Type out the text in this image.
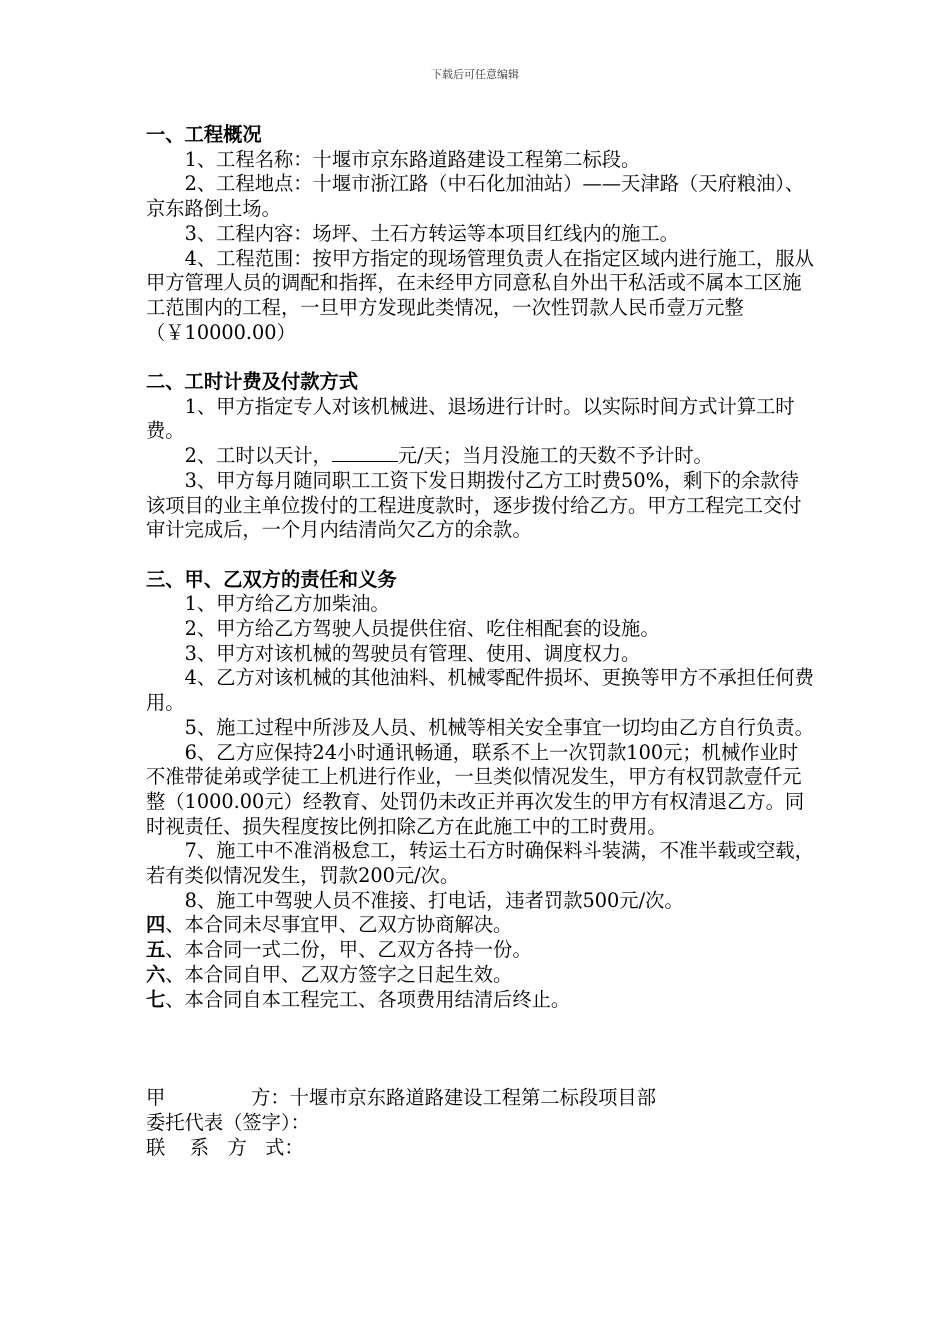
下载后可任意编辑

一、工程概况

1、工程名称：十堰市京东路道路建设工程第二标段。

2、工程地点：十堰市浙江路（中石化加油站）——天津路（天府粮油）、京东路倒土场。

3、工程内容：场坪、土石方转运等本项目红线内的施工。

4、工程范围：按甲方指定的现场管理负责人在指定区域内进行施工，服从甲方管理人员的调配和指挥，在未经甲方同意私自外出干私活或不属本工区施工范围内的工程，一旦甲方发现此类情况，一次性罚款人民币壹万元整（￥10000.00）

二、工时计费及付款方式

1、甲方指定专人对该机械进、退场进行计时。以实际时间方式计算工时费。

2、工时以天计，	元/天；当月没施工的天数不予计时。

3、甲方每月随同职工工资下发日期拨付乙方工时费50%，剩下的余款待该项目的业主单位拨付的工程进度款时，逐步拨付给乙方。甲方工程完工交付审计完成后，一个月内结清尚欠乙方的余款。

三、甲、乙双方的责任和义务

1、甲方给乙方加柴油。

2、甲方给乙方驾驶人员提供住宿、吃住相配套的设施。

3、甲方对该机械的驾驶员有管理、使用、调度权力。

4、乙方对该机械的其他油料、机械零配件损坏、更换等甲方不承担任何费用。

5、施工过程中所涉及人员、机械等相关安全事宜一切均由乙方自行负责。

6、乙方应保持24小时通讯畅通，联系不上一次罚款100元；机械作业时不准带徒弟或学徒工上机进行作业，一旦类似情况发生，甲方有权罚款壹仟元整（1000.00元）经教育、处罚仍未改正并再次发生的甲方有权清退乙方。同时视责任、损失程度按比例扣除乙方在此施工中的工时费用。

7、施工中不准消极怠工，转运土石方时确保料斗装满，不准半载或空载，若有类似情况发生，罚款200元/次。

8、施工中驾驶人员不准接、打电话，违者罚款500元/次。

四、本合同未尽事宜甲、乙双方协商解决。

五、本合同一式二份，甲、乙双方各持一份。

六、本合同自甲、乙双方签字之日起生效。

七、本合同自本工程完工、各项费用结清后终止。

甲              方：十堰市京东路道路建设工程第二标段项目部

委托代表（签字）：

联    系   方   式：
